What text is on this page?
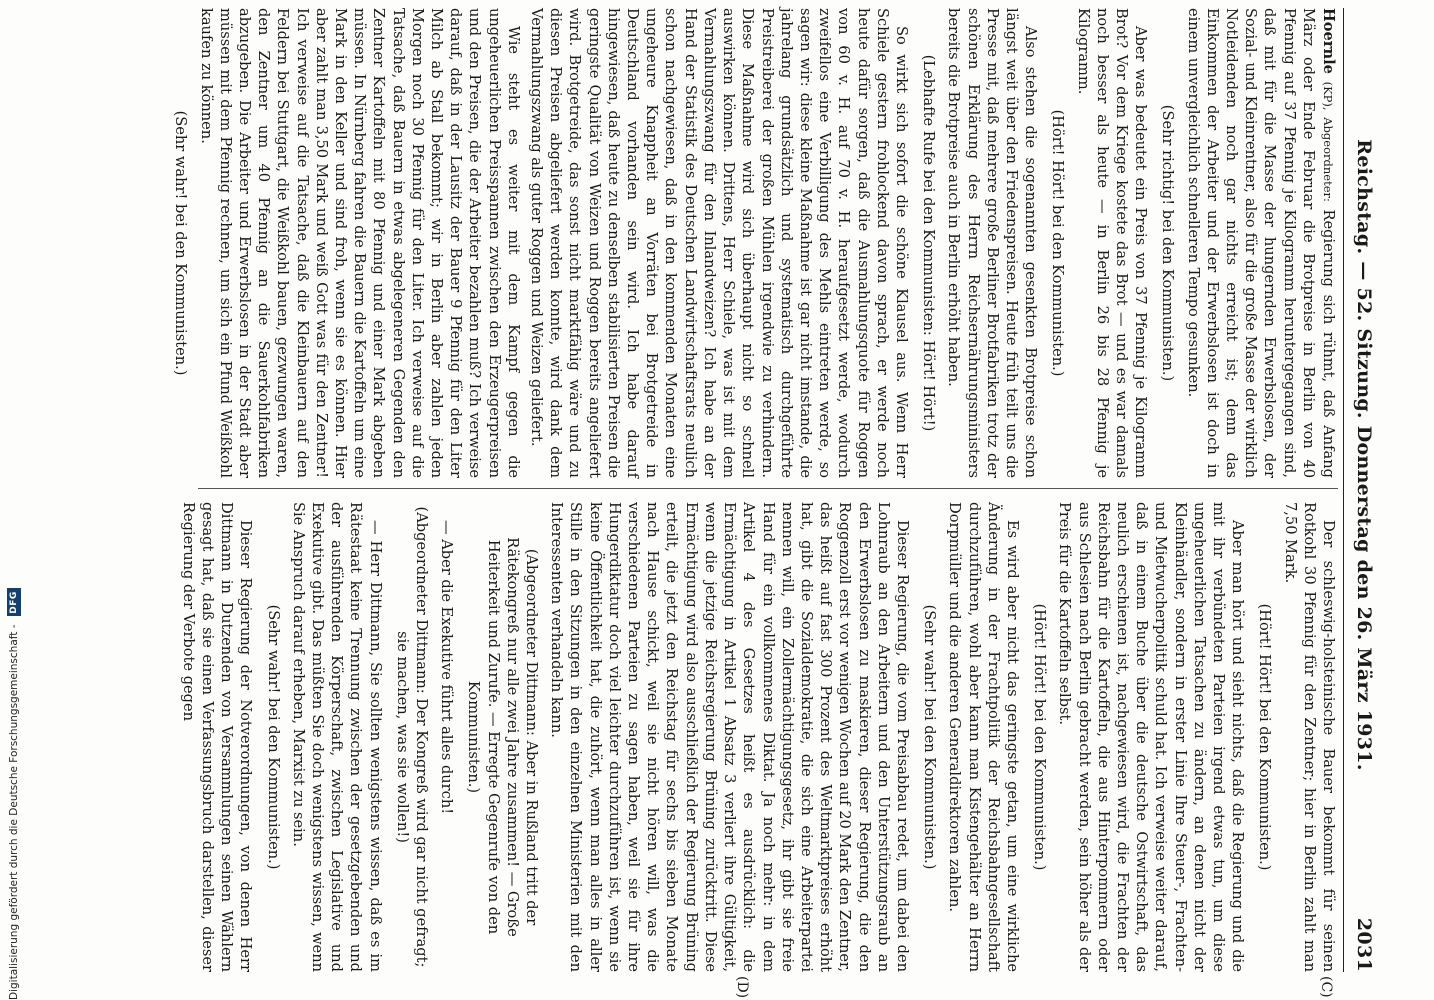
Reichstag. — 52. Sitzung. Donnerstag den 26. März 1931.
2031
(C)
(D)

Hoernle (KP), Abgeordneter: Regierung sich rühmt, daß Anfang März oder Ende Februar die Brotpreise in Berlin von 40 Pfennig auf 37 Pfennig je Kilogramm heruntergegangen sind, daß mit für die Masse der hungernden Erwerbslosen, der Sozial- und Kleinrentner, also für die große Masse der wirklich Notleidenden noch gar nichts erreicht ist; denn das Einkommen der Arbeiter und der Erwerbslosen ist doch in einem unvergleichlich schnelleren Tempo gesunken.

(Sehr richtig! bei den Kommunisten.)

Aber was bedeutet ein Preis von 37 Pfennig je Kilogramm Brot? Vor dem Kriege kostete das Brot — und es war damals noch besser als heute — in Berlin 26 bis 28 Pfennig je Kilogramm.

(Hört! Hört! bei den Kommunisten.)

Also stehen die sogenannten gesenkten Brotpreise schon längst weit über den Friedenspreisen. Heute früh teilt uns die Presse mit, daß mehrere große Berliner Brotfabriken trotz der schönen Erklärung des Herrn Reichsernährungsministers bereits die Brotpreise auch in Berlin erhöht haben.

(Lebhafte Rufe bei den Kommunisten: Hört! Hört!)

So wirkt sich sofort die schöne Klausel aus. Wenn Herr Schiele gestern frohlockend davon sprach, er werde noch heute dafür sorgen, daß die Ausmahlungsquote für Roggen von 60 v. H. auf 70 v. H. heraufgesetzt werde, wodurch zweifellos eine Verbilligung des Mehls eintreten werde, so sagen wir: diese kleine Maßnahme ist gar nicht imstande, die jahrelang grundsätzlich und systematisch durchgeführte Preistreiberei der großen Mühlen irgendwie zu verhindern. Diese Maßnahme wird sich überhaupt nicht so schnell auswirken können. Drittens, Herr Schiele, was ist mit dem Vermahlungszwang für den Inlandweizen? Ich habe an der Hand der Statistik des Deutschen Landwirtschaftsrats neulich schon nachgewiesen, daß in den kommenden Monaten eine ungeheure Knappheit an Vorräten bei Brotgetreide in Deutschland vorhanden sein wird. Ich habe darauf hingewiesen, daß heute zu denselben stabilisierten Preisen die geringste Qualität von Weizen und Roggen bereits angeliefert wird. Brotgetreide, das sonst nicht marktfähig wäre und zu diesen Preisen abgeliefert werden konnte, wird dank dem Vermahlungszwang als guter Roggen und Weizen geliefert.

Wie steht es weiter mit dem Kampf gegen die ungeheuerlichen Preisspannen zwischen den Erzeugerpreisen und den Preisen, die der Arbeiter bezahlen muß? Ich verweise darauf, daß in der Lausitz der Bauer 9 Pfennig für den Liter Milch ab Stall bekommt; wir in Berlin aber zahlen jeden Morgen noch 30 Pfennig für den Liter. Ich verweise auf die Tatsache, daß Bauern in etwas abgelegeneren Gegenden den Zentner Kartoffeln mit 80 Pfennig und einer Mark abgeben müssen. In Nürnberg fahren die Bauern die Kartoffeln um eine Mark in den Keller und sind froh, wenn sie es können. Hier aber zahlt man 3,50 Mark und weiß Gott was für den Zentner! Ich verweise auf die Tatsache, daß die Kleinbauern auf den Feldern bei Stuttgart, die Weißkohl bauen, gezwungen waren, den Zentner um 40 Pfennig an die Sauerkohlfabriken abzugeben. Die Arbeiter und Erwerbslosen in der Stadt aber müssen mit dem Pfennig rechnen, um sich ein Pfund Weißkohl kaufen zu können.

(Sehr wahr! bei den Kommunisten.)

Der schleswig-holsteinische Bauer bekommt für seinen Rotkohl 30 Pfennig für den Zentner; hier in Berlin zahlt man 7,50 Mark.

(Hört! Hört! bei den Kommunisten.)

Aber man hört und sieht nichts, daß die Regierung und die mit ihr verbündeten Parteien irgend etwas tun, um diese ungeheuerlichen Tatsachen zu ändern, an denen nicht der Kleinhändler, sondern in erster Linie Ihre Steuer-, Frachten- und Mietwucherpolitik schuld hat. Ich verweise weiter darauf, daß in einem Buche über die deutsche Ostwirtschaft, das neulich erschienen ist, nachgewiesen wird, die Frachten der Reichsbahn für die Kartoffeln, die aus Hinterpommern oder aus Schlesien nach Berlin gebracht werden, sein höher als der Preis für die Kartoffeln selbst.

(Hört! Hört! bei den Kommunisten.)

Es wird aber nicht das geringste getan, um eine wirkliche Änderung in der Frachtpolitik der Reichsbahngesellschaft durchzuführen, wohl aber kann man Kistengehälter an Herrn Dorpmüller und die anderen Generaldirektoren zahlen.

(Sehr wahr! bei den Kommunisten.)

Dieser Regierung, die vom Preisabbau redet, um dabei den Lohnraub an den Arbeitern und den Unterstützungsraub an den Erwerbslosen zu maskieren, dieser Regierung, die den Roggenzoll erst vor wenigen Wochen auf 20 Mark den Zentner, das heißt auf fast 300 Prozent des Weltmarktpreises erhöht hat, gibt die Sozialdemokratie, die sich eine Arbeiterpartei nennen will, ein Zollermächtigungsgesetz, ihr gibt sie freie Hand für ein vollkommenes Diktat. Ja noch mehr: in dem Artikel 4 des Gesetzes heißt es ausdrücklich: die Ermächtigung in Artikel 1 Absatz 3 verliert ihre Gültigkeit, wenn die jetzige Reichsregierung Brüning zurücktritt. Diese Ermächtigung wird also ausschließlich der Regierung Brüning erteilt, die jetzt den Reichstag für sechs bis sieben Monate nach Hause schickt, weil sie nicht hören will, was die verschiedenen Parteien zu sagen haben, weil sie für ihre Hungerdiktatur doch viel leichter durchzuführen ist, wenn sie keine Öffentlichkeit hat, die zuhört, wenn man alles in aller Stille in den Sitzungen in den einzelnen Ministerien mit den Interessenten verhandeln kann.

(Abgeordneter Dittmann: Aber in Rußland tritt der Rätekongreß nur alle zwei Jahre zusammen! — Große Heiterkeit und Zurufe. — Erregte Gegenrufe von den Kommunisten.)

— Aber die Exekutive führt alles durch!

(Abgeordneter Dittmann: Der Kongreß wird gar nicht gefragt; sie machen, was sie wollen!)

— Herr Dittmann, Sie sollten wenigstens wissen, daß es im Rätestaat keine Trennung zwischen der gesetzgebenden und der ausführenden Körperschaft, zwischen Legislative und Exekutive gibt. Das müßten Sie doch wenigstens wissen, wenn Sie Anspruch darauf erheben, Marxist zu sein.

(Sehr wahr! bei den Kommunisten.)

Dieser Regierung der Notverordnungen, von denen Herr Dittmann in Dutzenden von Versammlungen seinen Wählern gesagt hat, daß sie einen Verfassungsbruch darstellen, dieser Regierung der Verbote gegen

Digitalisierung gefördert durch die Deutsche Forschungsgemeinschaft -
DFG
